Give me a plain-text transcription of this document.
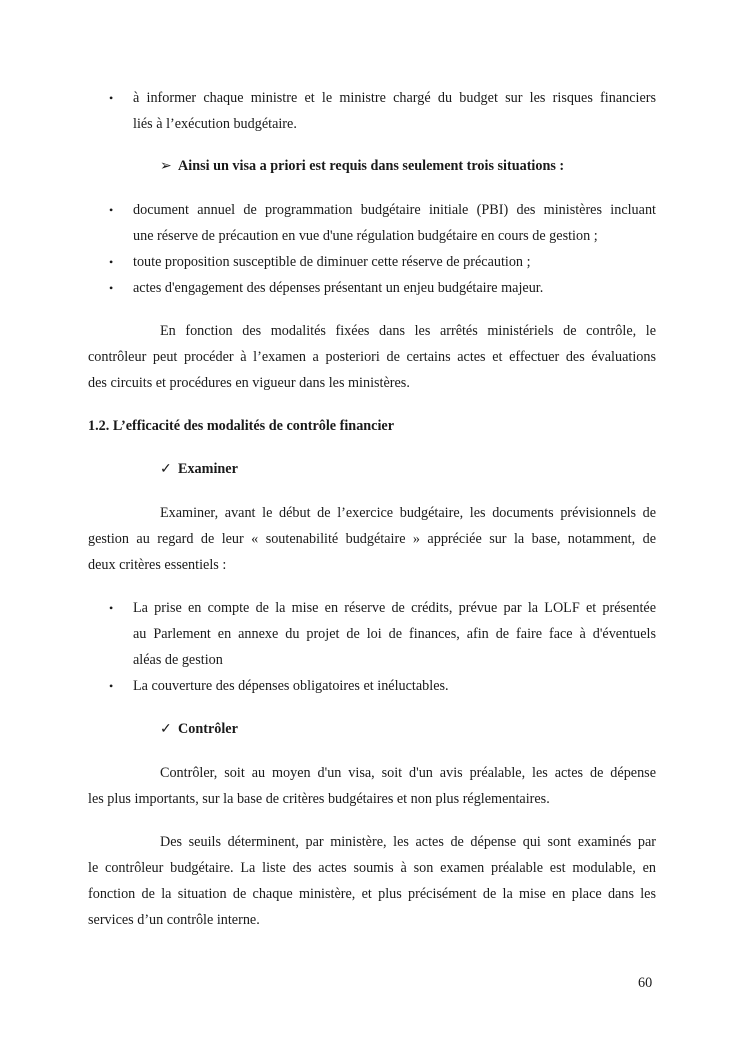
• à informer chaque ministre et le ministre chargé du budget sur les risques financiers
liés à l’exécution budgétaire.
➢ Ainsi un visa a priori est requis dans seulement trois situations :
• document annuel de programmation budgétaire initiale (PBI) des ministères incluant
une réserve de précaution en vue d'une régulation budgétaire en cours de gestion ;
• toute proposition susceptible de diminuer cette réserve de précaution ;
• actes d'engagement des dépenses présentant un enjeu budgétaire majeur.
En fonction des modalités fixées dans les arrêtés ministériels de contrôle, le
contrôleur peut procéder à l’examen a posteriori de certains actes et effectuer des évaluations
des circuits et procédures en vigueur dans les ministères.
1.2. L’efficacité des modalités de contrôle financier
✓ Examiner
Examiner, avant le début de l’exercice budgétaire, les documents prévisionnels de
gestion au regard de leur « soutenabilité budgétaire » appréciée sur la base, notamment, de
deux critères essentiels :
• La prise en compte de la mise en réserve de crédits, prévue par la LOLF et présentée
au Parlement en annexe du projet de loi de finances, afin de faire face à d'éventuels
aléas de gestion
• La couverture des dépenses obligatoires et inéluctables.
✓ Contrôler
Contrôler, soit au moyen d'un visa, soit d'un avis préalable, les actes de dépense
les plus importants, sur la base de critères budgétaires et non plus réglementaires.
Des seuils déterminent, par ministère, les actes de dépense qui sont examinés par
le contrôleur budgétaire. La liste des actes soumis à son examen préalable est modulable, en
fonction de la situation de chaque ministère, et plus précisément de la mise en place dans les
services d’un contrôle interne.
60
